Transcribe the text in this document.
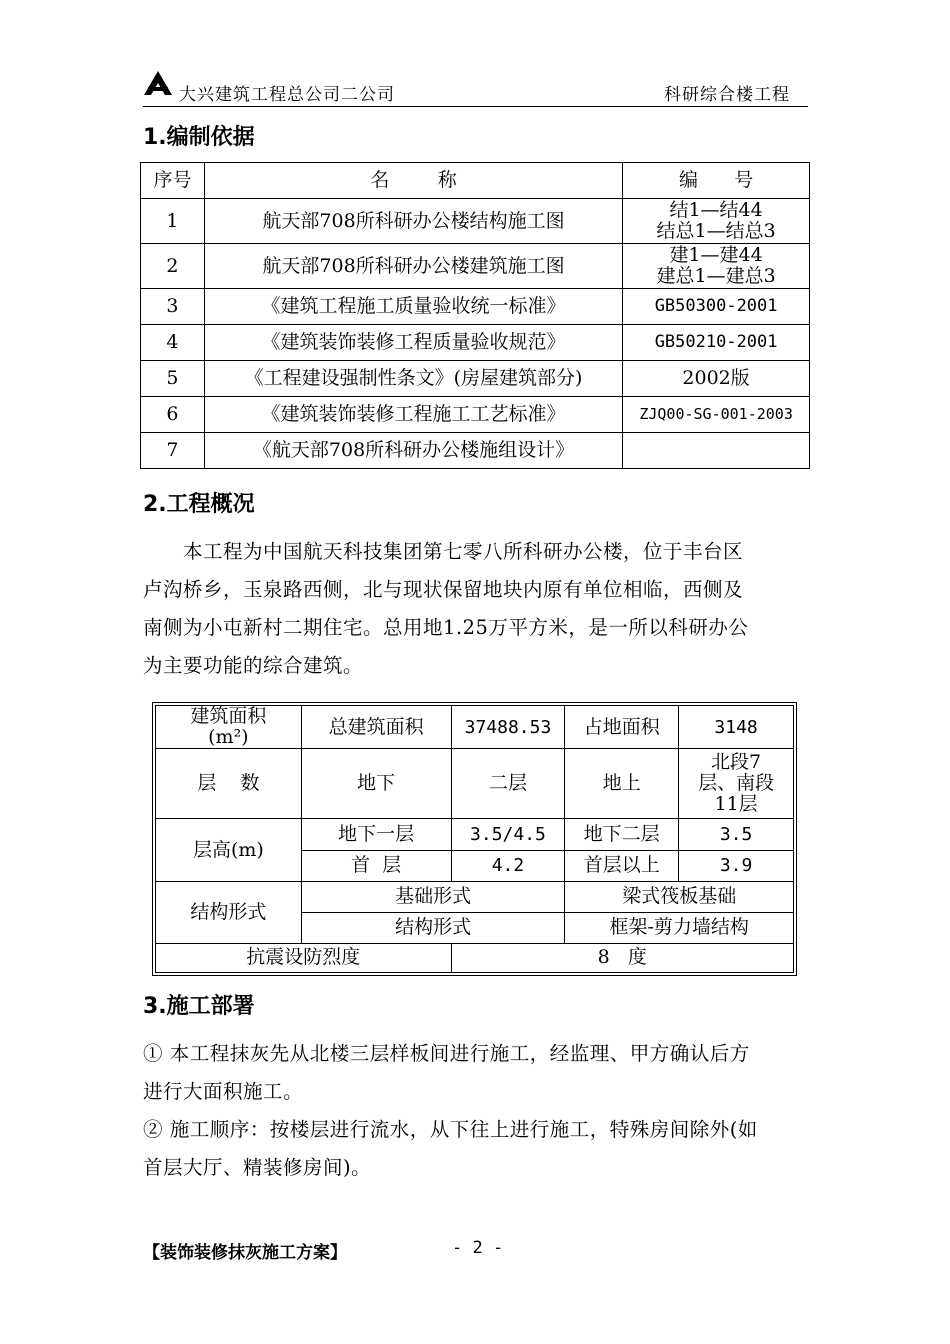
大兴建筑工程总公司二公司	科研综合楼工程
1.编制依据
序号	名        称	编      号
1	航天部708所科研办公楼结构施工图	结1—结44
结总1—结总3

2	航天部708所科研办公楼建筑施工图	建1—建44
建总1—建总3

3	《建筑工程施工质量验收统一标准》	GB50300-2001
4	《建筑装饰装修工程质量验收规范》	GB50210-2001
5	《工程建设强制性条文》(房屋建筑部分)	2002版
6	《建筑装饰装修工程施工工艺标准》	ZJQ00-SG-001-2003
7	《航天部708所科研办公楼施组设计》	
2.工程概况
本工程为中国航天科技集团第七零八所科研办公楼，位于丰台区
卢沟桥乡，玉泉路西侧，北与现状保留地块内原有单位相临，西侧及
南侧为小屯新村二期住宅。总用地1.25万平方米，是一所以科研办公
为主要功能的综合建筑。
建筑面积
(m²)	总建筑面积	37488.53	占地面积	3148
层    数	地下	二层	地上	北段7
层、南段
11层

层高(m)	地下一层	3.5/4.5	地下二层	3.5
	首  层	4.2	首层以上	3.9
结构形式	基础形式		梁式筏板基础	
	结构形式		框架-剪力墙结构	
抗震设防烈度		8   度		
3.施工部署
① 本工程抹灰先从北楼三层样板间进行施工，经监理、甲方确认后方
进行大面积施工。
② 施工顺序：按楼层进行流水，从下往上进行施工，特殊房间除外(如
首层大厅、精装修房间)。
【装饰装修抹灰施工方案】	- 2 -
